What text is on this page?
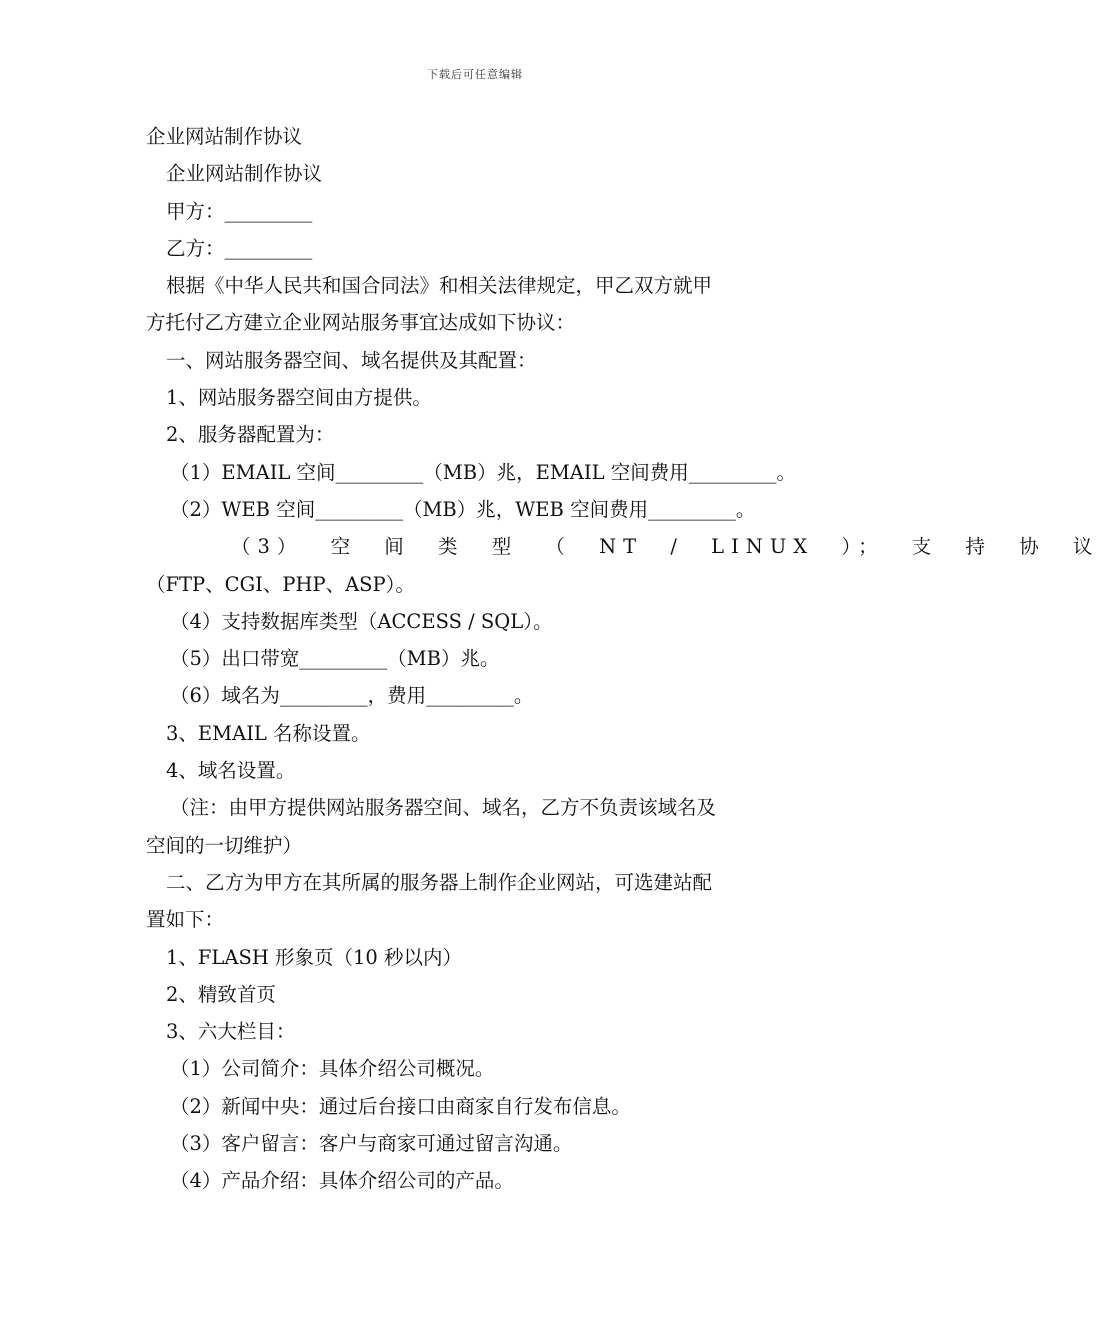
下载后可任意编辑
企业网站制作协议
企业网站制作协议
甲方：_________
乙方：_________
根据《中华人民共和国合同法》和相关法律规定，甲乙双方就甲
方托付乙方建立企业网站服务事宜达成如下协议：
一、网站服务器空间、域名提供及其配置：
1、网站服务器空间由方提供。
2、服务器配置为：
（1）EMAIL 空间_________（MB）兆，EMAIL 空间费用_________。
（2）WEB 空间_________（MB）兆，WEB 空间费用_________。
（3） 空 间 类 型 （ NT / LINUX ）； 支 持 协 议
（FTP、CGI、PHP、ASP）。
（4）支持数据库类型（ACCESS / SQL）。
（5）出口带宽_________（MB）兆。
（6）域名为_________，费用_________。
3、EMAIL 名称设置。
4、域名设置。
（注：由甲方提供网站服务器空间、域名，乙方不负责该域名及
空间的一切维护）
二、乙方为甲方在其所属的服务器上制作企业网站，可选建站配
置如下：
1、FLASH 形象页（10 秒以内）
2、精致首页
3、六大栏目：
（1）公司简介：具体介绍公司概况。
（2）新闻中央：通过后台接口由商家自行发布信息。
（3）客户留言：客户与商家可通过留言沟通。
（4）产品介绍：具体介绍公司的产品。
